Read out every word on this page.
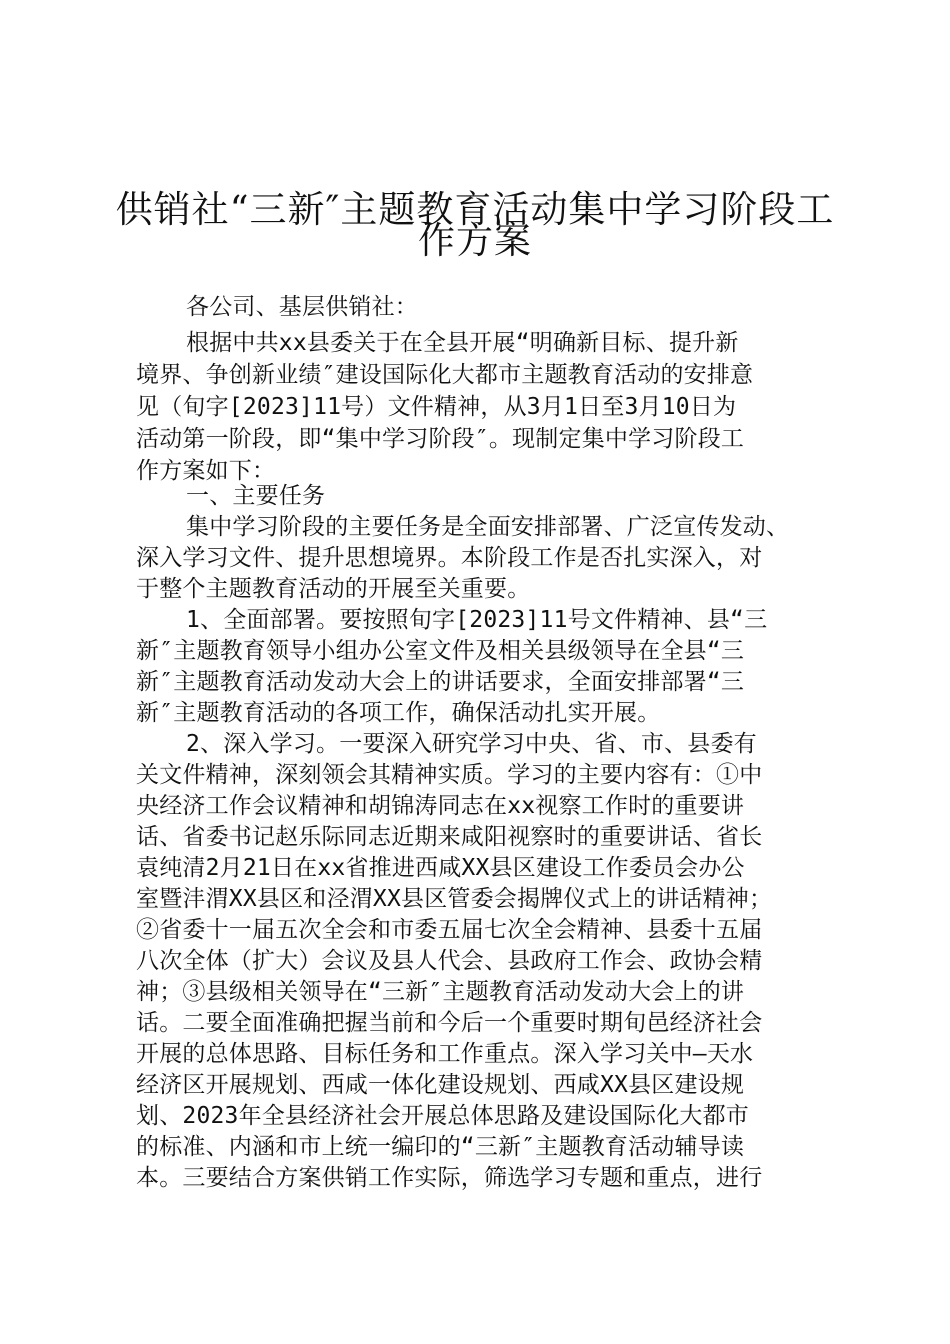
供销社“三新″主题教育活动集中学习阶段工
作方案
各公司、基层供销社：
根据中共xx县委关于在全县开展“明确新目标、提升新
境界、争创新业绩″建设国际化大都市主题教育活动的安排意
见（旬字[2023]11号）文件精神，从3月1日至3月10日为
活动第一阶段，即“集中学习阶段″。现制定集中学习阶段工
作方案如下：
一、主要任务
集中学习阶段的主要任务是全面安排部署、广泛宣传发动、
深入学习文件、提升思想境界。本阶段工作是否扎实深入，对
于整个主题教育活动的开展至关重要。
1、全面部署。要按照旬字[2023]11号文件精神、县“三
新″主题教育领导小组办公室文件及相关县级领导在全县“三
新″主题教育活动发动大会上的讲话要求，全面安排部署“三
新″主题教育活动的各项工作，确保活动扎实开展。
2、深入学习。一要深入研究学习中央、省、市、县委有
关文件精神，深刻领会其精神实质。学习的主要内容有：①中
央经济工作会议精神和胡锦涛同志在xx视察工作时的重要讲
话、省委书记赵乐际同志近期来咸阳视察时的重要讲话、省长
袁纯清2月21日在xx省推进西咸XX县区建设工作委员会办公
室暨沣渭XX县区和泾渭XX县区管委会揭牌仪式上的讲话精神；
②省委十一届五次全会和市委五届七次全会精神、县委十五届
八次全体（扩大）会议及县人代会、县政府工作会、政协会精
神；③县级相关领导在“三新″主题教育活动发动大会上的讲
话。二要全面准确把握当前和今后一个重要时期旬邑经济社会
开展的总体思路、目标任务和工作重点。深入学习关中—天水
经济区开展规划、西咸一体化建设规划、西咸XX县区建设规
划、2023年全县经济社会开展总体思路及建设国际化大都市
的标准、内涵和市上统一编印的“三新″主题教育活动辅导读
本。三要结合方案供销工作实际，筛选学习专题和重点，进行
